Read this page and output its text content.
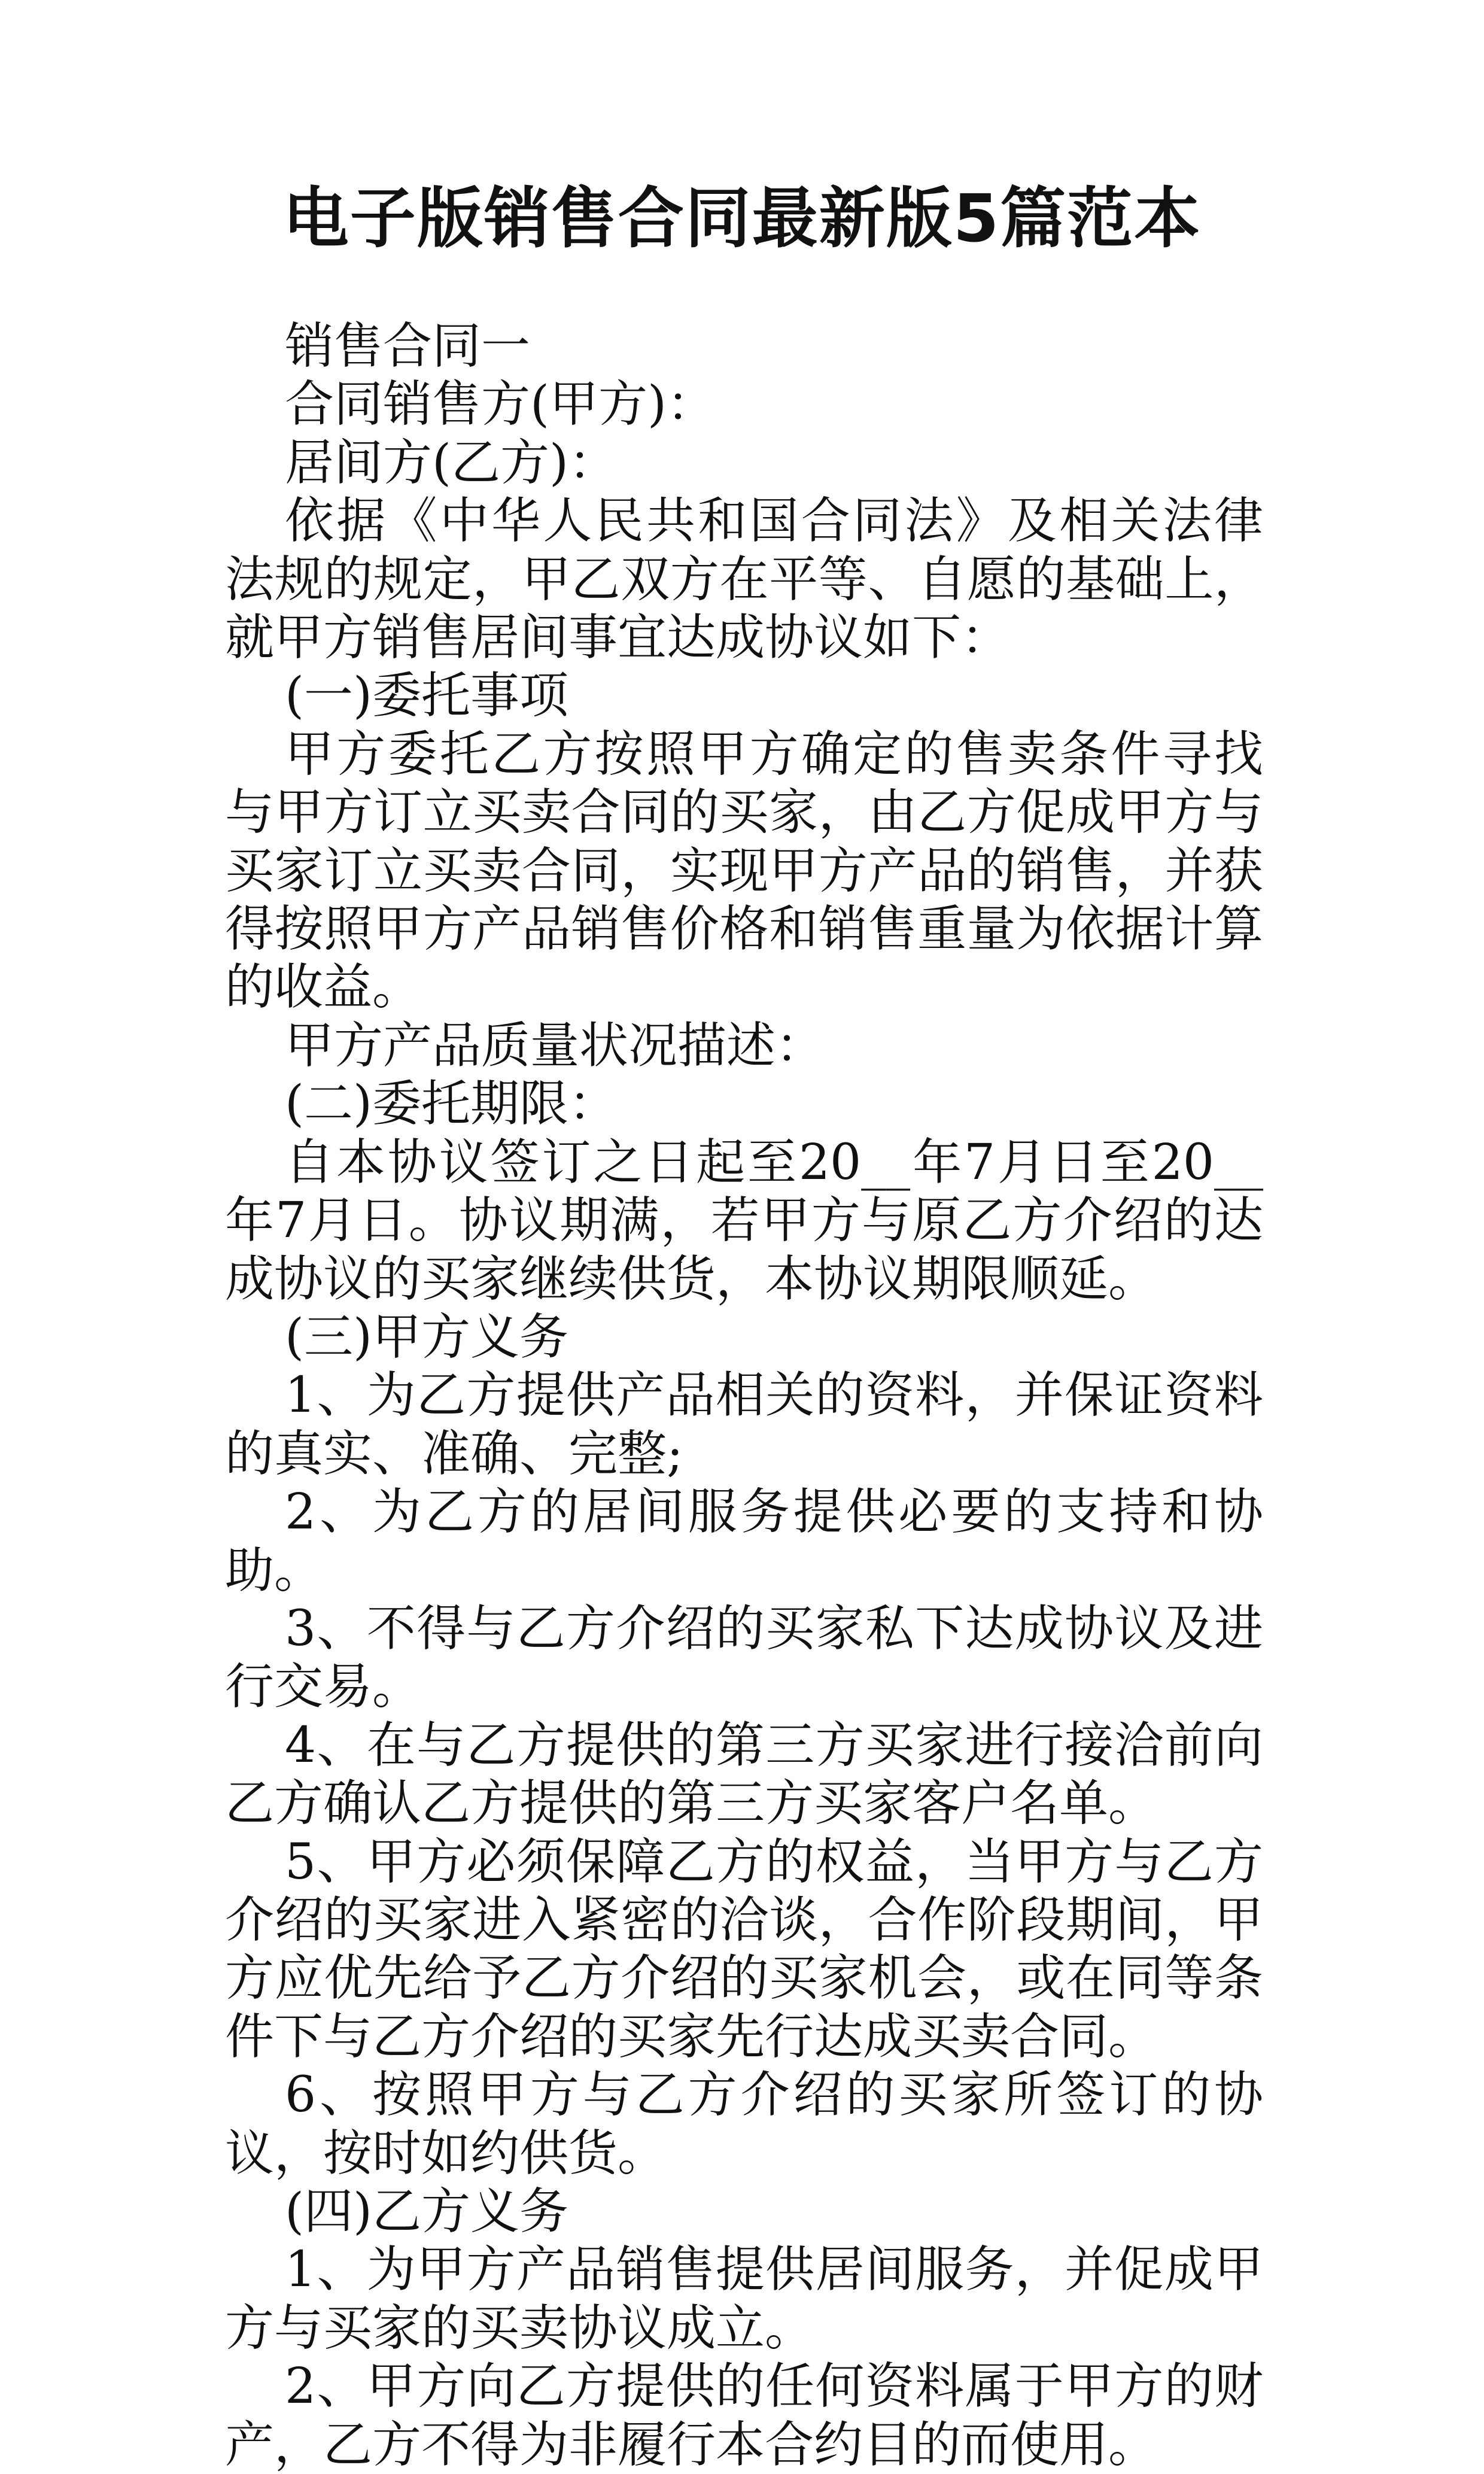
电子版销售合同最新版5篇范本

销售合同一

合同销售方(甲方)：

居间方(乙方)：

依据《中华人民共和国合同法》及相关法律法规的规定，甲乙双方在平等、自愿的基础上，就甲方销售居间事宜达成协议如下：

(一)委托事项

甲方委托乙方按照甲方确定的售卖条件寻找与甲方订立买卖合同的买家，由乙方促成甲方与买家订立买卖合同，实现甲方产品的销售，并获得按照甲方产品销售价格和销售重量为依据计算的收益。

甲方产品质量状况描述：

(二)委托期限：

自本协议签订之日起至20__年7月日至20__年7月日。协议期满，若甲方与原乙方介绍的达成协议的买家继续供货，本协议期限顺延。

(三)甲方义务

1、为乙方提供产品相关的资料，并保证资料的真实、准确、完整;

2、为乙方的居间服务提供必要的支持和协助。

3、不得与乙方介绍的买家私下达成协议及进行交易。

4、在与乙方提供的第三方买家进行接洽前向乙方确认乙方提供的第三方买家客户名单。

5、甲方必须保障乙方的权益，当甲方与乙方介绍的买家进入紧密的洽谈，合作阶段期间，甲方应优先给予乙方介绍的买家机会，或在同等条件下与乙方介绍的买家先行达成买卖合同。

6、按照甲方与乙方介绍的买家所签订的协议，按时如约供货。

(四)乙方义务

1、为甲方产品销售提供居间服务，并促成甲方与买家的买卖协议成立。

2、甲方向乙方提供的任何资料属于甲方的财产，乙方不得为非履行本合约目的而使用。
